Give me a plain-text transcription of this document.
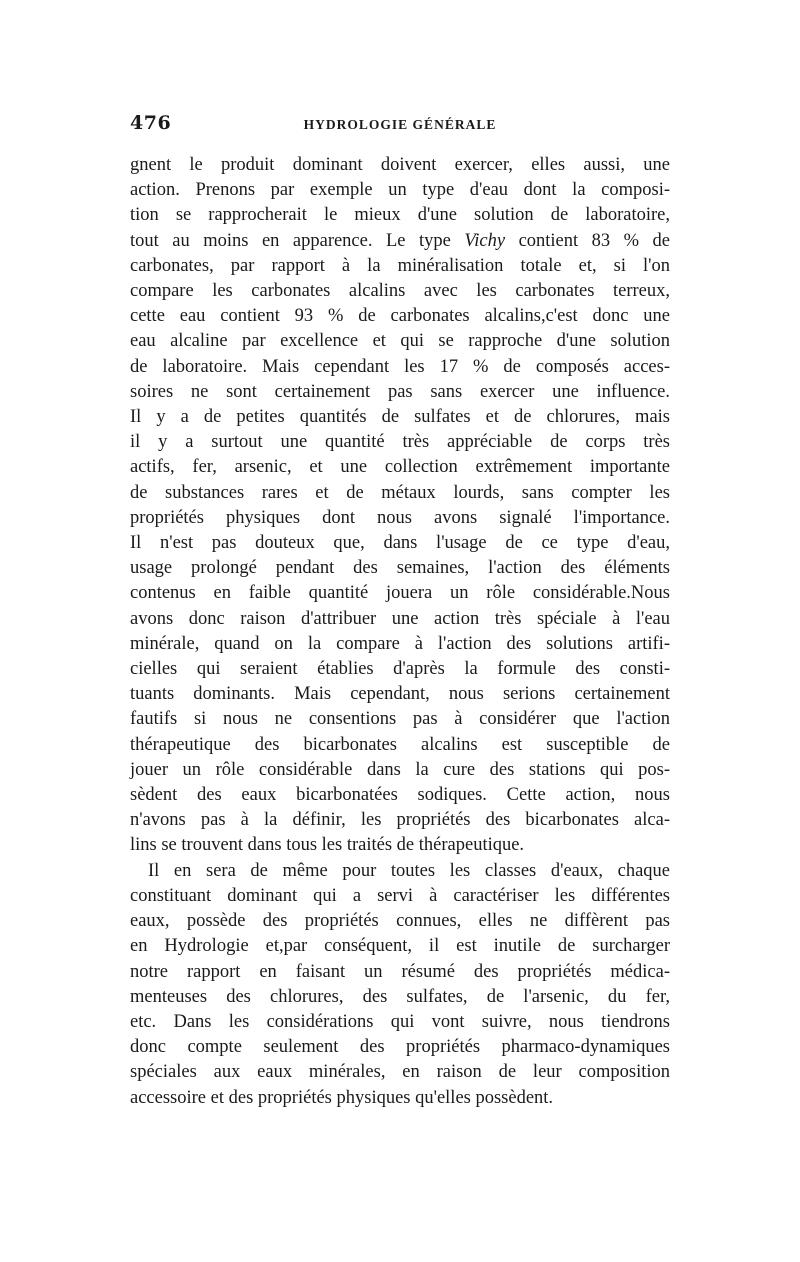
476	HYDROLOGIE GÉNÉRALE

gnent le produit dominant doivent exercer, elles aussi, une
action. Prenons par exemple un type d'eau dont la composi-
tion se rapprocherait le mieux d'une solution de laboratoire,
tout au moins en apparence. Le type Vichy contient 83 % de
carbonates, par rapport à la minéralisation totale et, si l'on
compare les carbonates alcalins avec les carbonates terreux,
cette eau contient 93 % de carbonates alcalins,c'est donc une
eau alcaline par excellence et qui se rapproche d'une solution
de laboratoire. Mais cependant les 17 % de composés acces-
soires ne sont certainement pas sans exercer une influence.
Il y a de petites quantités de sulfates et de chlorures, mais
il y a surtout une quantité très appréciable de corps très
actifs, fer, arsenic, et une collection extrêmement importante
de substances rares et de métaux lourds, sans compter les
propriétés physiques dont nous avons signalé l'importance.
Il n'est pas douteux que, dans l'usage de ce type d'eau,
usage prolongé pendant des semaines, l'action des éléments
contenus en faible quantité jouera un rôle considérable.Nous
avons donc raison d'attribuer une action très spéciale à l'eau
minérale, quand on la compare à l'action des solutions artifi-
cielles qui seraient établies d'après la formule des consti-
tuants dominants. Mais cependant, nous serions certainement
fautifs si nous ne consentions pas à considérer que l'action
thérapeutique des bicarbonates alcalins est susceptible de
jouer un rôle considérable dans la cure des stations qui pos-
sèdent des eaux bicarbonatées sodiques. Cette action, nous
n'avons pas à la définir, les propriétés des bicarbonates alca-
lins se trouvent dans tous les traités de thérapeutique.

Il en sera de même pour toutes les classes d'eaux, chaque
constituant dominant qui a servi à caractériser les différentes
eaux, possède des propriétés connues, elles ne diffèrent pas
en Hydrologie et,par conséquent, il est inutile de surcharger
notre rapport en faisant un résumé des propriétés médica-
menteuses des chlorures, des sulfates, de l'arsenic, du fer,
etc. Dans les considérations qui vont suivre, nous tiendrons
donc compte seulement des propriétés pharmaco-dynamiques
spéciales aux eaux minérales, en raison de leur composition
accessoire et des propriétés physiques qu'elles possèdent.
